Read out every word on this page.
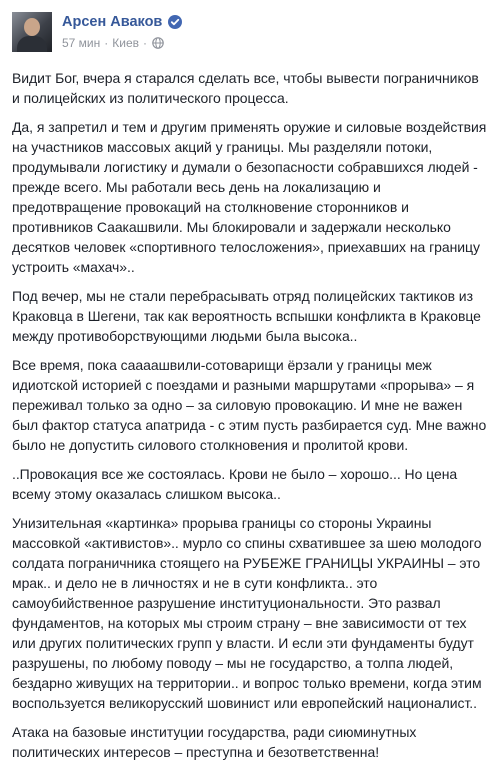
Арсен Аваков
57 мин · Киев ·

Видит Бог, вчера я старался сделать все, чтобы вывести пограничников и полицейских из политического процесса.

Да, я запретил и тем и другим применять оружие и силовые воздействия на участников массовых акций у границы. Мы разделяли потоки, продумывали логистику и думали о безопасности собравшихся людей - прежде всего. Мы работали весь день на локализацию и предотвращение провокаций на столкновение сторонников и противников Саакашвили. Мы блокировали и задержали несколько десятков человек «спортивного телосложения», приехавших на границу устроить «махач»..

Под вечер, мы не стали перебрасывать отряд полицейских тактиков из Краковца в Шегени, так как вероятность вспышки конфликта в Краковце между противоборствующими людьми была высока..

Все время, пока саааашвили-сотоварищи ёрзали у границы меж идиотской историей с поездами и разными маршрутами «прорыва» – я переживал только за одно – за силовую провокацию. И мне не важен был фактор статуса апатрида - с этим пусть разбирается суд. Мне важно было не допустить силового столкновения и пролитой крови.

..Провокация все же состоялась. Крови не было – хорошо... Но цена всему этому оказалась слишком высока..

Унизительная «картинка» прорыва границы со стороны Украины массовкой «активистов».. мурло со спины схватившее за шею молодого солдата пограничника стоящего на РУБЕЖЕ ГРАНИЦЫ УКРАИНЫ – это мрак.. и дело не в личностях и не в сути конфликта.. это самоубийственное разрушение институциональности. Это развал фундаментов, на которых мы строим страну – вне зависимости от тех или других политических групп у власти. И если эти фундаменты будут разрушены, по любому поводу – мы не государство, а толпа людей, бездарно живущих на территории.. и вопрос только времени, когда этим воспользуется великорусский шовинист или европейский националист..

Атака на базовые институции государства, ради сиюминутных политических интересов – преступна и безответственна!
